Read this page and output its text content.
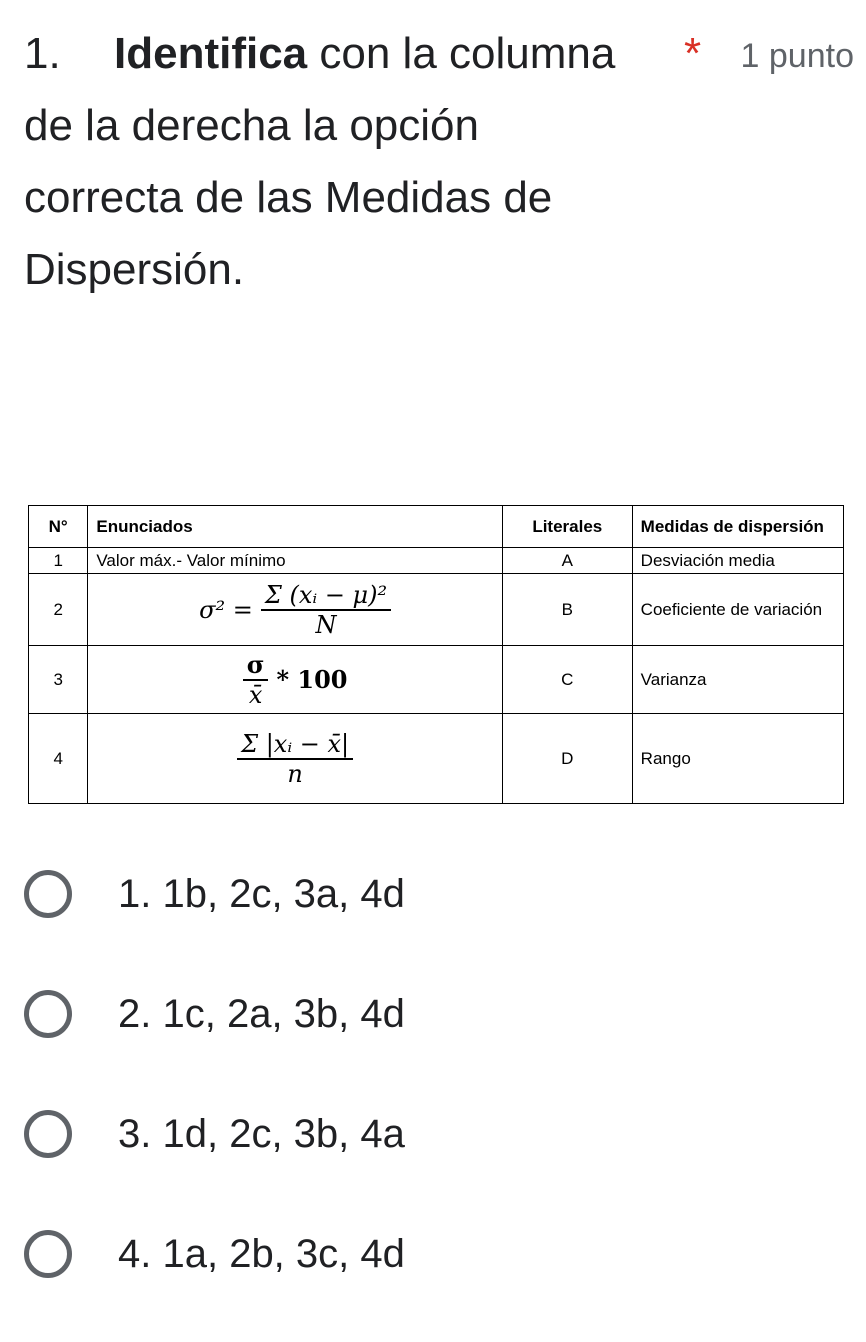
1. Identifica con la columna * 1 punto
de la derecha la opción
correcta de las Medidas de
Dispersión.
N°	Enunciados	Literales	Medidas de dispersión
1	Valor máx.- Valor mínimo	A	Desviación media
2	$\sigma^2 = \frac{\text{Σ (xᵢ − μ)²}}{N}$	B	Coeficiente de variación
3	$\frac{\sigma}{x̄} * 100$	C	Varianza
4	$\frac{\text{Σ |xᵢ − x̄|}}{n}$	D	Rango
1. 1b, 2c, 3a, 4d
2. 1c, 2a, 3b, 4d
3. 1d, 2c, 3b, 4a
4. 1a, 2b, 3c, 4d
